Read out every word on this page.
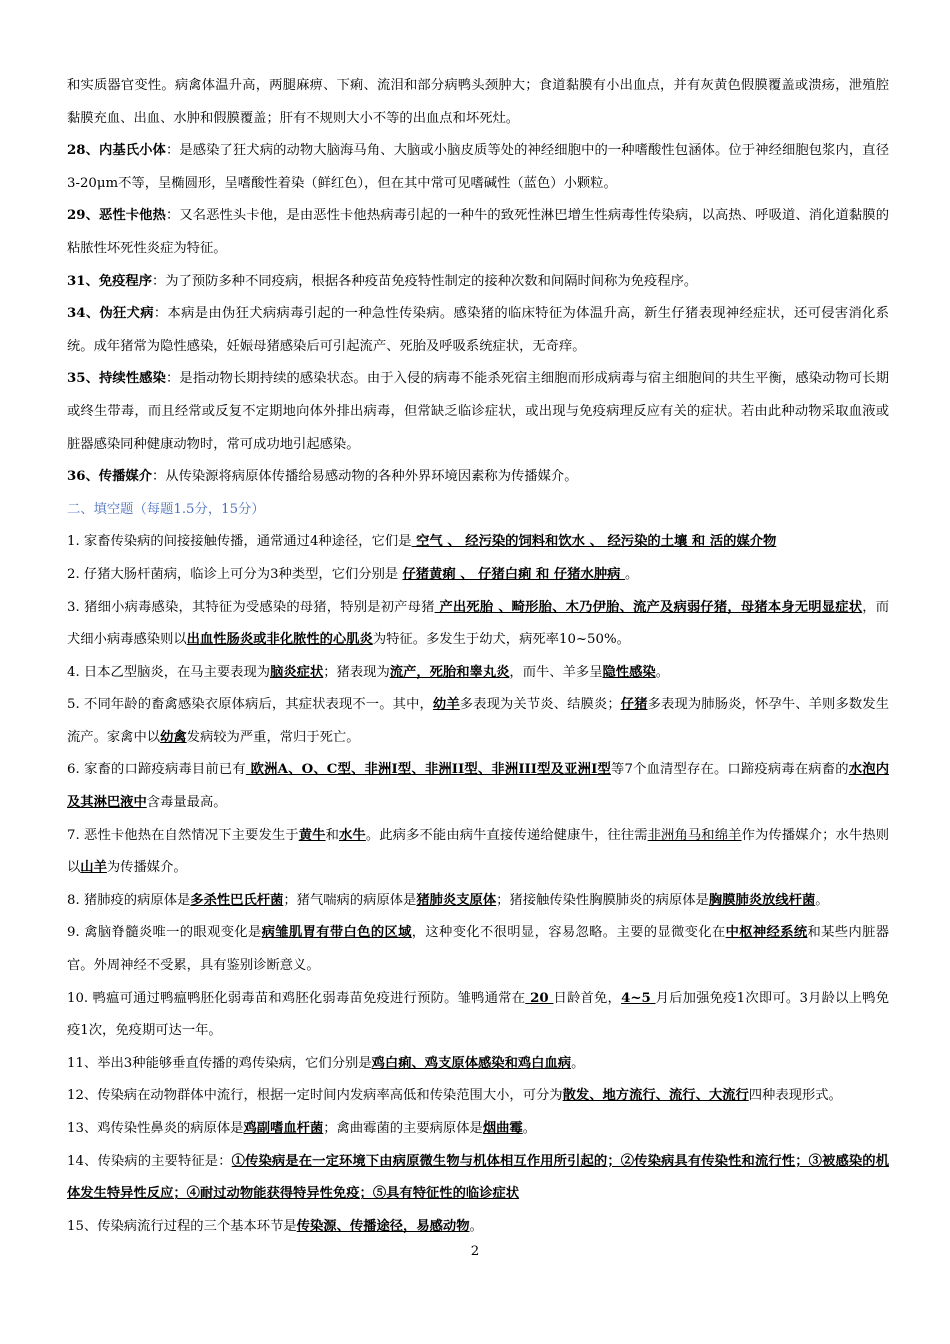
和实质器官变性。病禽体温升高，两腿麻痹、下痢、流泪和部分病鸭头颈肿大；食道黏膜有小出血点，并有灰黄色假膜覆盖或溃疡，泄殖腔黏膜充血、出血、水肿和假膜覆盖；肝有不规则大小不等的出血点和坏死灶。

28、内基氏小体：是感染了狂犬病的动物大脑海马角、大脑或小脑皮质等处的神经细胞中的一种嗜酸性包涵体。位于神经细胞包浆内，直径3-20μm不等，呈椭圆形，呈嗜酸性着染（鲜红色），但在其中常可见嗜碱性（蓝色）小颗粒。

29、恶性卡他热：又名恶性头卡他，是由恶性卡他热病毒引起的一种牛的致死性淋巴增生性病毒性传染病，以高热、呼吸道、消化道黏膜的粘脓性坏死性炎症为特征。

31、免疫程序：为了预防多种不同疫病，根据各种疫苗免疫特性制定的接种次数和间隔时间称为免疫程序。

34、伪狂犬病：本病是由伪狂犬病病毒引起的一种急性传染病。感染猪的临床特征为体温升高，新生仔猪表现神经症状，还可侵害消化系统。成年猪常为隐性感染，妊娠母猪感染后可引起流产、死胎及呼吸系统症状，无奇痒。

35、持续性感染：是指动物长期持续的感染状态。由于入侵的病毒不能杀死宿主细胞而形成病毒与宿主细胞间的共生平衡，感染动物可长期或终生带毒，而且经常或反复不定期地向体外排出病毒，但常缺乏临诊症状，或出现与免疫病理反应有关的症状。若由此种动物采取血液或脏器感染同种健康动物时，常可成功地引起感染。

36、传播媒介：从传染源将病原体传播给易感动物的各种外界环境因素称为传播媒介。

二、填空题（每题1.5分，15分）

1. 家畜传染病的间接接触传播，通常通过4种途径，它们是 空气 、 经污染的饲料和饮水 、 经污染的土壤 和 活的媒介物

2. 仔猪大肠杆菌病，临诊上可分为3种类型，它们分别是 仔猪黄痢 、 仔猪白痢 和 仔猪水肿病 。

3. 猪细小病毒感染，其特征为受感染的母猪，特别是初产母猪 产出死胎 、畸形胎、木乃伊胎、流产及病弱仔猪，母猪本身无明显症状，而犬细小病毒感染则以出血性肠炎或非化脓性的心肌炎为特征。多发生于幼犬，病死率10~50%。

4. 日本乙型脑炎，在马主要表现为脑炎症状；猪表现为流产，死胎和睾丸炎，而牛、羊多呈隐性感染。

5. 不同年龄的畜禽感染衣原体病后，其症状表现不一。其中，幼羊多表现为关节炎、结膜炎；仔猪多表现为肺肠炎，怀孕牛、羊则多数发生流产。家禽中以幼禽发病较为严重，常归于死亡。

6. 家畜的口蹄疫病毒目前已有 欧洲A、O、C型、非洲I型、非洲II型、非洲III型及亚洲I型等7个血清型存在。口蹄疫病毒在病畜的水泡内及其淋巴液中含毒量最高。

7. 恶性卡他热在自然情况下主要发生于黄牛和水牛。此病多不能由病牛直接传递给健康牛，往往需非洲角马和绵羊作为传播媒介；水牛热则以山羊为传播媒介。

8. 猪肺疫的病原体是多杀性巴氏杆菌；猪气喘病的病原体是猪肺炎支原体；猪接触传染性胸膜肺炎的病原体是胸膜肺炎放线杆菌。

9. 禽脑脊髓炎唯一的眼观变化是病雏肌胃有带白色的区域，这种变化不很明显，容易忽略。主要的显微变化在中枢神经系统和某些内脏器官。外周神经不受累，具有鉴别诊断意义。

10. 鸭瘟可通过鸭瘟鸭胚化弱毒苗和鸡胚化弱毒苗免疫进行预防。雏鸭通常在 20 日龄首免，4~5 月后加强免疫1次即可。3月龄以上鸭免疫1次，免疫期可达一年。

11、举出3种能够垂直传播的鸡传染病，它们分别是鸡白痢、鸡支原体感染和鸡白血病。

12、传染病在动物群体中流行，根据一定时间内发病率高低和传染范围大小，可分为散发、地方流行、流行、大流行四种表现形式。

13、鸡传染性鼻炎的病原体是鸡副嗜血杆菌；禽曲霉菌的主要病原体是烟曲霉。

14、传染病的主要特征是：①传染病是在一定环境下由病原微生物与机体相互作用所引起的；②传染病具有传染性和流行性；③被感染的机体发生特异性反应；④耐过动物能获得特异性免疫；⑤具有特征性的临诊症状

15、传染病流行过程的三个基本环节是传染源、传播途径，易感动物。

2
